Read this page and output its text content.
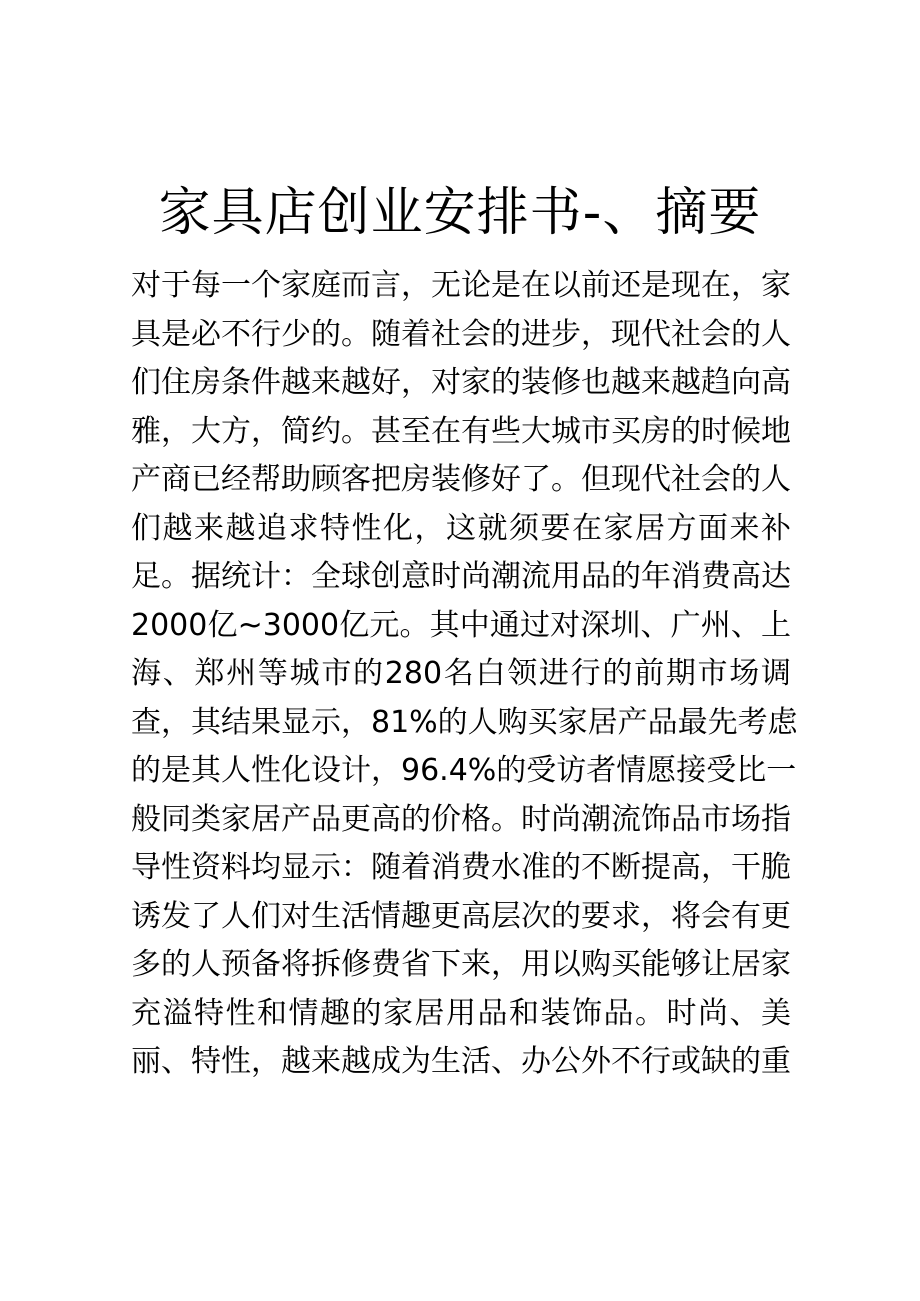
家具店创业安排书-、摘要
对于每一个家庭而言，无论是在以前还是现在，家
具是必不行少的。随着社会的进步，现代社会的人
们住房条件越来越好，对家的装修也越来越趋向高
雅，大方，简约。甚至在有些大城市买房的时候地
产商已经帮助顾客把房装修好了。但现代社会的人
们越来越追求特性化，这就须要在家居方面来补
足。据统计：全球创意时尚潮流用品的年消费高达
2000亿~3000亿元。其中通过对深圳、广州、上
海、郑州等城市的280名白领进行的前期市场调
查，其结果显示，81%的人购买家居产品最先考虑
的是其人性化设计，96.4%的受访者情愿接受比一
般同类家居产品更高的价格。时尚潮流饰品市场指
导性资料均显示：随着消费水准的不断提高，干脆
诱发了人们对生活情趣更高层次的要求，将会有更
多的人预备将拆修费省下来，用以购买能够让居家
充溢特性和情趣的家居用品和装饰品。时尚、美
丽、特性，越来越成为生活、办公外不行或缺的重
